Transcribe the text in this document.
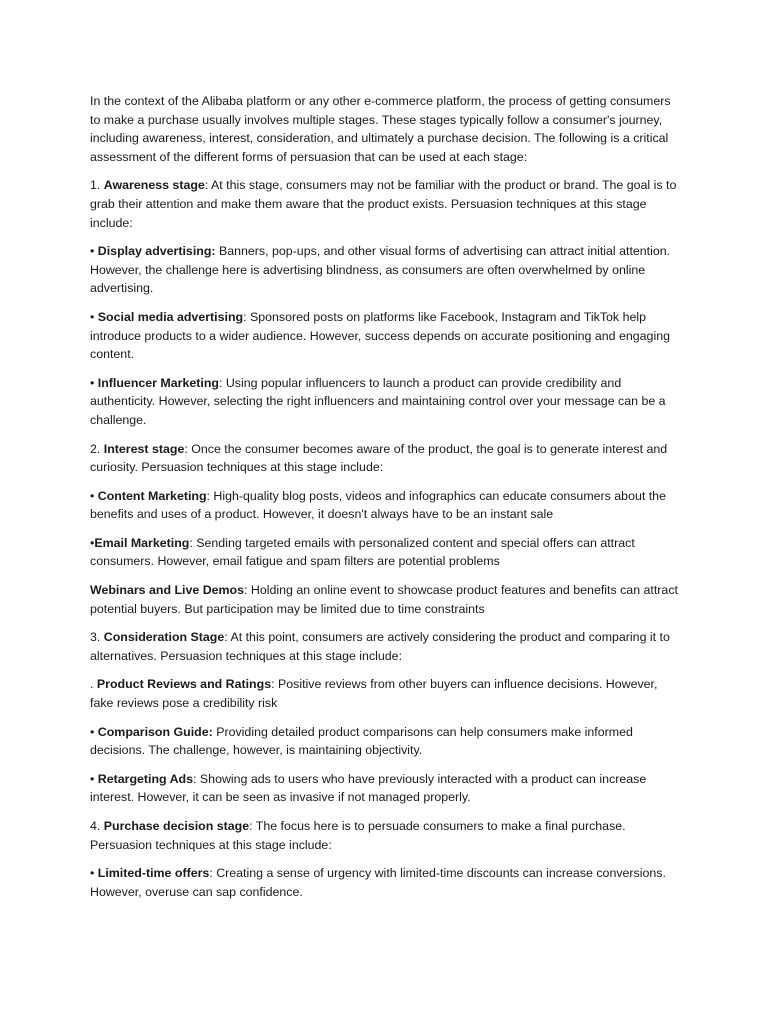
In the context of the Alibaba platform or any other e-commerce platform, the process of getting consumers to make a purchase usually involves multiple stages. These stages typically follow a consumer's journey, including awareness, interest, consideration, and ultimately a purchase decision. The following is a critical assessment of the different forms of persuasion that can be used at each stage:

1. Awareness stage: At this stage, consumers may not be familiar with the product or brand. The goal is to grab their attention and make them aware that the product exists. Persuasion techniques at this stage include:

• Display advertising: Banners, pop-ups, and other visual forms of advertising can attract initial attention. However, the challenge here is advertising blindness, as consumers are often overwhelmed by online advertising.

• Social media advertising: Sponsored posts on platforms like Facebook, Instagram and TikTok help introduce products to a wider audience. However, success depends on accurate positioning and engaging content.

• Influencer Marketing: Using popular influencers to launch a product can provide credibility and authenticity. However, selecting the right influencers and maintaining control over your message can be a challenge.

2. Interest stage: Once the consumer becomes aware of the product, the goal is to generate interest and curiosity. Persuasion techniques at this stage include:

• Content Marketing: High-quality blog posts, videos and infographics can educate consumers about the benefits and uses of a product. However, it doesn't always have to be an instant sale

•Email Marketing: Sending targeted emails with personalized content and special offers can attract consumers. However, email fatigue and spam filters are potential problems

Webinars and Live Demos: Holding an online event to showcase product features and benefits can attract potential buyers. But participation may be limited due to time constraints

3. Consideration Stage: At this point, consumers are actively considering the product and comparing it to alternatives. Persuasion techniques at this stage include:

. Product Reviews and Ratings: Positive reviews from other buyers can influence decisions. However, fake reviews pose a credibility risk

• Comparison Guide: Providing detailed product comparisons can help consumers make informed decisions. The challenge, however, is maintaining objectivity.

• Retargeting Ads: Showing ads to users who have previously interacted with a product can increase interest. However, it can be seen as invasive if not managed properly.

4. Purchase decision stage: The focus here is to persuade consumers to make a final purchase. Persuasion techniques at this stage include:

• Limited-time offers: Creating a sense of urgency with limited-time discounts can increase conversions. However, overuse can sap confidence.
